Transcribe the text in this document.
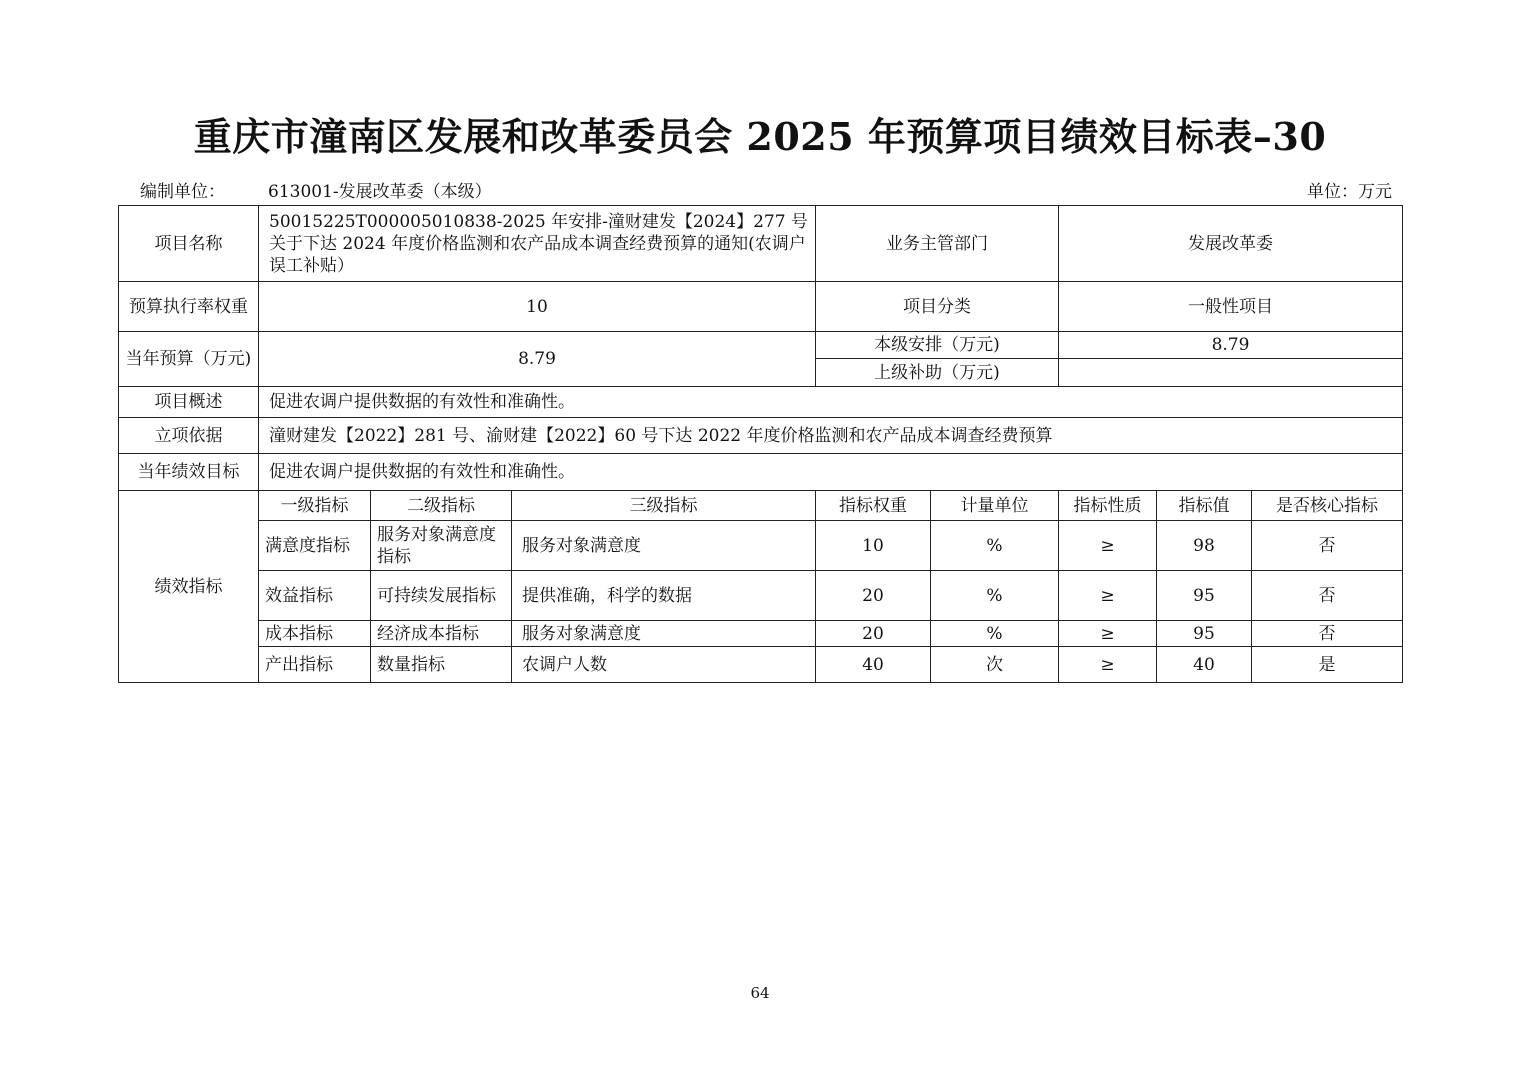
重庆市潼南区发展和改革委员会 2025 年预算项目绩效目标表–30
编制单位：	613001-发展改革委（本级）	单位：万元
项目名称	50015225T000005010838-2025 年安排-潼财建发【2024】277 号关于下达 2024 年度价格监测和农产品成本调查经费预算的通知(农调户误工补贴）			业务主管部门		发展改革委		
预算执行率权重	10			项目分类		一般性项目		
当年预算（万元)	8.79			本级安排（万元)		8.79		
				上级补助（万元)				
项目概述	促进农调户提供数据的有效性和准确性。							
立项依据	潼财建发【2022】281 号、渝财建【2022】60 号下达 2022 年度价格监测和农产品成本调查经费预算							
当年绩效目标	促进农调户提供数据的有效性和准确性。							
绩效指标	一级指标	二级指标	三级指标	指标权重	计量单位	指标性质	指标值	是否核心指标
	满意度指标	服务对象满意度指标	服务对象满意度	10	%	≥	98	否
	效益指标	可持续发展指标	提供准确，科学的数据	20	%	≥	95	否
	成本指标	经济成本指标	服务对象满意度	20	%	≥	95	否
	产出指标	数量指标	农调户人数	40	次	≥	40	是
64
